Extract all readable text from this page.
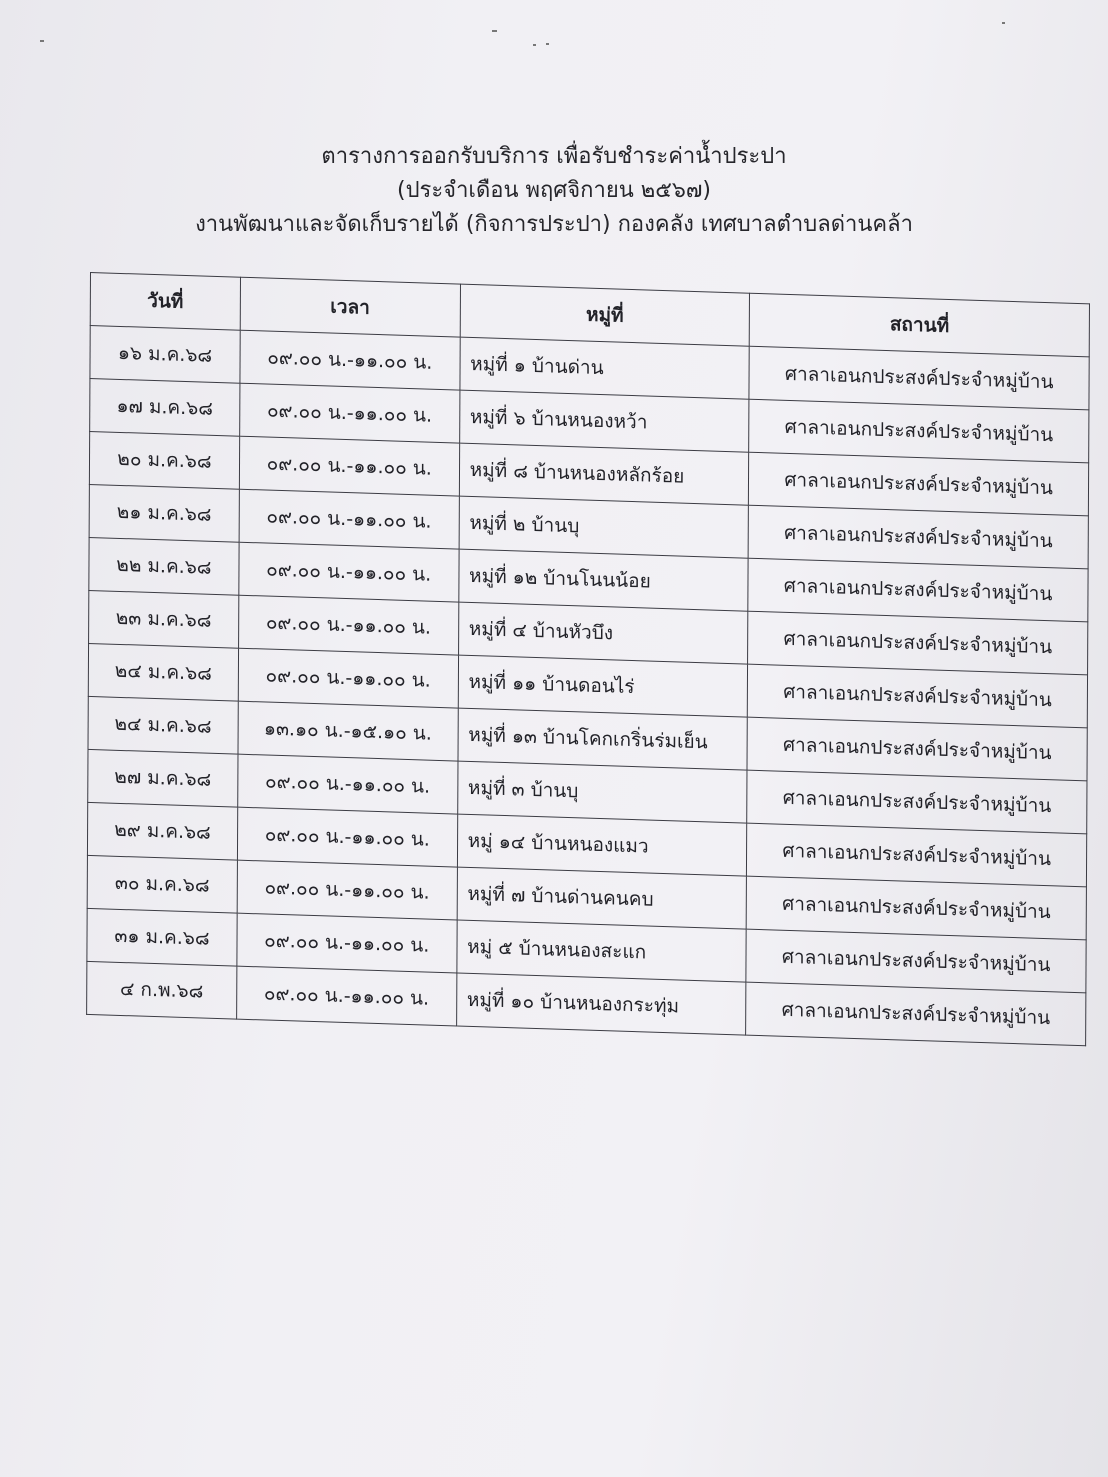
ตารางการออกรับบริการ เพื่อรับชำระค่าน้ำประปา
(ประจำเดือน พฤศจิกายน ๒๕๖๗)
งานพัฒนาและจัดเก็บรายได้ (กิจการประปา) กองคลัง เทศบาลตำบลด่านคล้า
วันที่	เวลา	หมู่ที่	สถานที่
๑๖ ม.ค.๖๘	๐๙.๐๐ น.-๑๑.๐๐ น.	หมู่ที่ ๑ บ้านด่าน	ศาลาเอนกประสงค์ประจำหมู่บ้าน
๑๗ ม.ค.๖๘	๐๙.๐๐ น.-๑๑.๐๐ น.	หมู่ที่ ๖ บ้านหนองหว้า	ศาลาเอนกประสงค์ประจำหมู่บ้าน
๒๐ ม.ค.๖๘	๐๙.๐๐ น.-๑๑.๐๐ น.	หมู่ที่ ๘ บ้านหนองหลักร้อย	ศาลาเอนกประสงค์ประจำหมู่บ้าน
๒๑ ม.ค.๖๘	๐๙.๐๐ น.-๑๑.๐๐ น.	หมู่ที่ ๒ บ้านบุ	ศาลาเอนกประสงค์ประจำหมู่บ้าน
๒๒ ม.ค.๖๘	๐๙.๐๐ น.-๑๑.๐๐ น.	หมู่ที่ ๑๒ บ้านโนนน้อย	ศาลาเอนกประสงค์ประจำหมู่บ้าน
๒๓ ม.ค.๖๘	๐๙.๐๐ น.-๑๑.๐๐ น.	หมู่ที่ ๔ บ้านหัวบึง	ศาลาเอนกประสงค์ประจำหมู่บ้าน
๒๔ ม.ค.๖๘	๐๙.๐๐ น.-๑๑.๐๐ น.	หมู่ที่ ๑๑ บ้านดอนไร่	ศาลาเอนกประสงค์ประจำหมู่บ้าน
๒๔ ม.ค.๖๘	๑๓.๑๐ น.-๑๕.๑๐ น.	หมู่ที่ ๑๓ บ้านโคกเกริ่นร่มเย็น	ศาลาเอนกประสงค์ประจำหมู่บ้าน
๒๗ ม.ค.๖๘	๐๙.๐๐ น.-๑๑.๐๐ น.	หมู่ที่ ๓ บ้านบุ	ศาลาเอนกประสงค์ประจำหมู่บ้าน
๒๙ ม.ค.๖๘	๐๙.๐๐ น.-๑๑.๐๐ น.	หมู่ ๑๔ บ้านหนองแมว	ศาลาเอนกประสงค์ประจำหมู่บ้าน
๓๐ ม.ค.๖๘	๐๙.๐๐ น.-๑๑.๐๐ น.	หมู่ที่ ๗ บ้านด่านคนคบ	ศาลาเอนกประสงค์ประจำหมู่บ้าน
๓๑ ม.ค.๖๘	๐๙.๐๐ น.-๑๑.๐๐ น.	หมู่ ๕ บ้านหนองสะแก	ศาลาเอนกประสงค์ประจำหมู่บ้าน
๔ ก.พ.๖๘	๐๙.๐๐ น.-๑๑.๐๐ น.	หมู่ที่ ๑๐ บ้านหนองกระทุ่ม	ศาลาเอนกประสงค์ประจำหมู่บ้าน
